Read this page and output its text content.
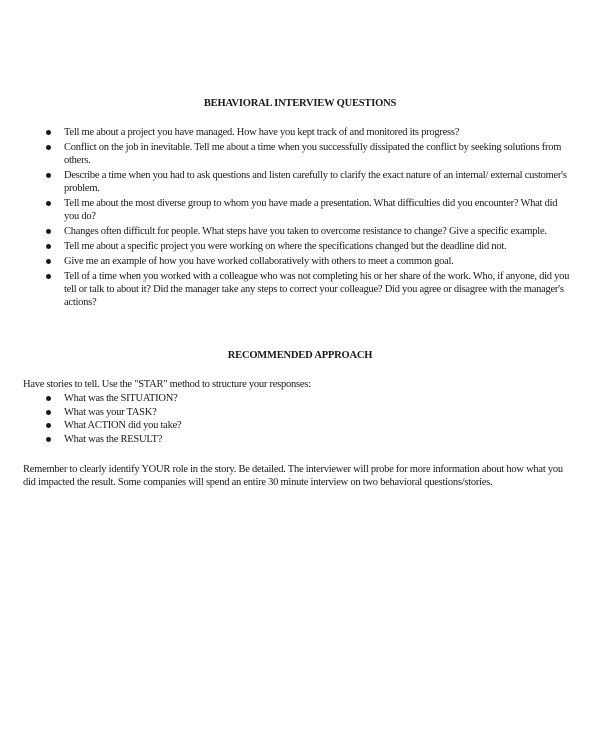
BEHAVIORAL INTERVIEW QUESTIONS
Tell me about a project you have managed. How have you kept track of and monitored its progress?
Conflict on the job in inevitable. Tell me about a time when you successfully dissipated the conflict by seeking solutions from others.
Describe a time when you had to ask questions and listen carefully to clarify the exact nature of an internal/ external customer's problem.
Tell me about the most diverse group to whom you have made a presentation. What difficulties did you encounter? What did you do?
Changes often difficult for people. What steps have you taken to overcome resistance to change? Give a specific example.
Tell me about a specific project you were working on where the specifications changed but the deadline did not.
Give me an example of how you have worked collaboratively with others to meet a common goal.
Tell of a time when you worked with a colleague who was not completing his or her share of the work. Who, if anyone, did you tell or talk to about it? Did the manager take any steps to correct your colleague? Did you agree or disagree with the manager's actions?
RECOMMENDED APPROACH

Have stories to tell. Use the "STAR" method to structure your responses:

What was the SITUATION?
What was your TASK?
What ACTION did you take?
What was the RESULT?

Remember to clearly identify YOUR role in the story. Be detailed. The interviewer will probe for more information about how what you did impacted the result. Some companies will spend an entire 30 minute interview on two behavioral questions/stories.
